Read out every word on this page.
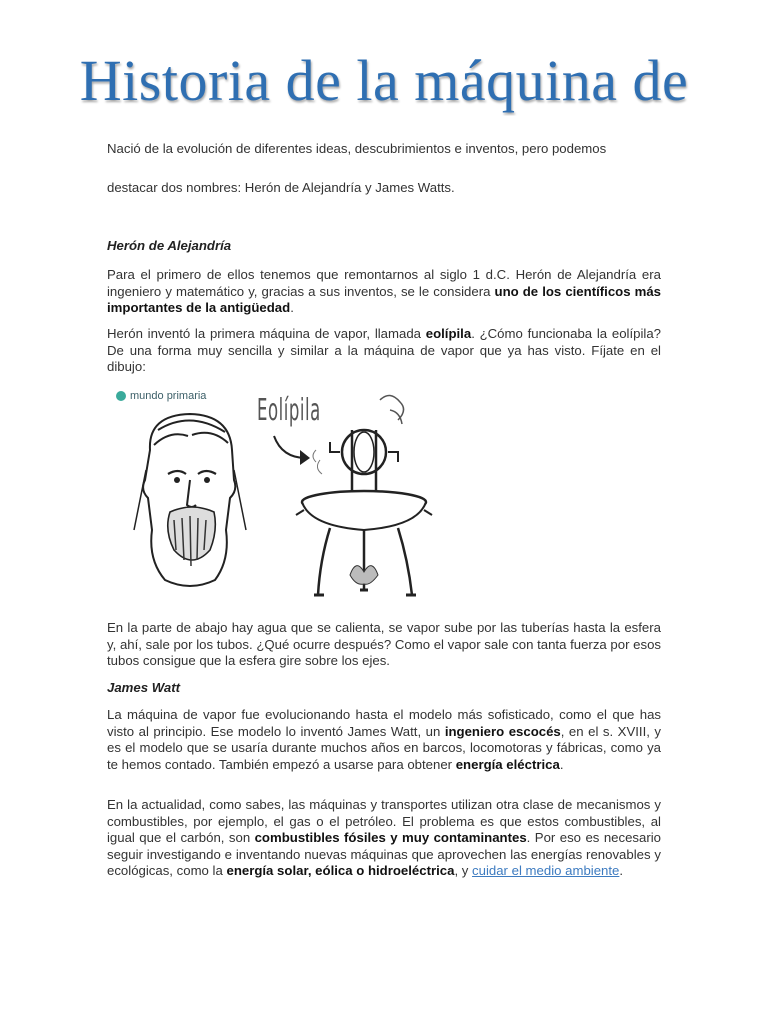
Historia de la máquina de
Nació de la evolución de diferentes ideas, descubrimientos e inventos, pero podemos
destacar dos nombres: Herón de Alejandría y James Watts.
Herón de Alejandría
Para el primero de ellos tenemos que remontarnos al siglo 1 d.C. Herón de Alejandría era ingeniero y matemático y, gracias a sus inventos, se le considera uno de los científicos más importantes de la antigüedad.
Herón inventó la primera máquina de vapor, llamada eolípila. ¿Cómo funcionaba la eolípila? De una forma muy sencilla y similar a la máquina de vapor que ya has visto. Fíjate en el dibujo:
mundo primaria Eolípila
En la parte de abajo hay agua que se calienta, se vapor sube por las tuberías hasta la esfera y, ahí, sale por los tubos. ¿Qué ocurre después? Como el vapor sale con tanta fuerza por esos tubos consigue que la esfera gire sobre los ejes.
James Watt
La máquina de vapor fue evolucionando hasta el modelo más sofisticado, como el que has visto al principio. Ese modelo lo inventó James Watt, un ingeniero escocés, en el s. XVIII, y es el modelo que se usaría durante muchos años en barcos, locomotoras y fábricas, como ya te hemos contado. También empezó a usarse para obtener energía eléctrica.
En la actualidad, como sabes, las máquinas y transportes utilizan otra clase de mecanismos y combustibles, por ejemplo, el gas o el petróleo. El problema es que estos combustibles, al igual que el carbón, son combustibles fósiles y muy contaminantes. Por eso es necesario seguir investigando e inventando nuevas máquinas que aprovechen las energías renovables y ecológicas, como la energía solar, eólica o hidroeléctrica, y cuidar el medio ambiente.
